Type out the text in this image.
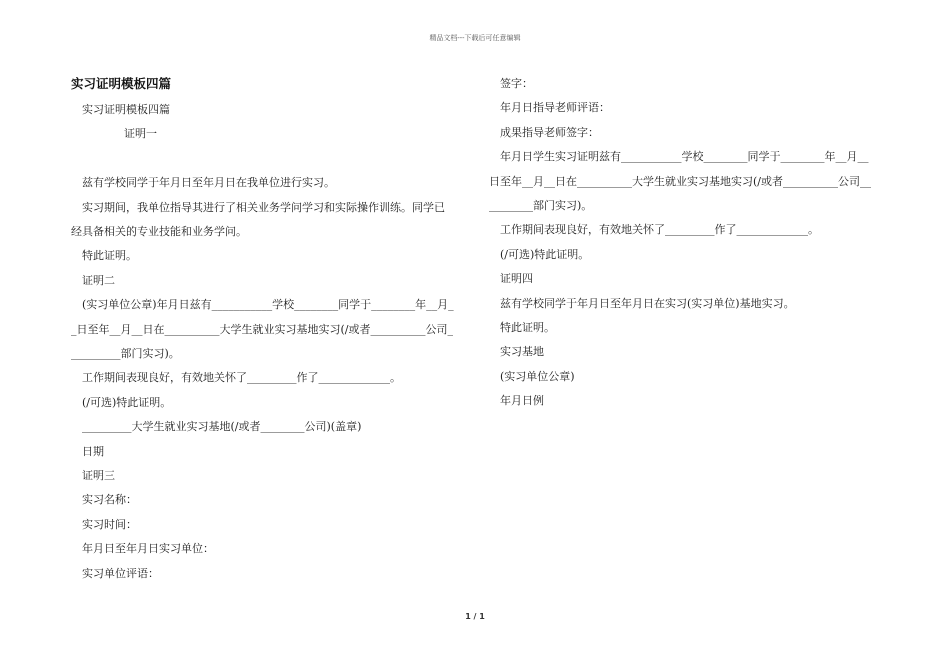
精品文档---下载后可任意编辑
实习证明模板四篇

实习证明模板四篇

证明一

兹有学校同学于年月日至年月日在我单位进行实习。

实习期间，我单位指导其进行了相关业务学问学习和实际操作训练。同学已

经具备相关的专业技能和业务学问。

特此证明。

证明二

(实习单位公章)年月日兹有___________学校________同学于________年__月_

_日至年__月__日在__________大学生就业实习基地实习(/或者__________公司_

_________部门实习)。

工作期间表现良好，有效地关怀了_________作了_____________。

(/可选)特此证明。

_________大学生就业实习基地(/或者________公司)(盖章)

日期

证明三

实习名称：

实习时间：

年月日至年月日实习单位：

实习单位评语：

签字：

年月日指导老师评语：

成果指导老师签字：

年月日学生实习证明兹有___________学校________同学于________年__月__

日至年__月__日在__________大学生就业实习基地实习(/或者__________公司__

________部门实习)。

工作期间表现良好，有效地关怀了_________作了_____________。

(/可选)特此证明。

证明四

兹有学校同学于年月日至年月日在实习(实习单位)基地实习。

特此证明。

实习基地

(实习单位公章)

年月日例

1 / 1
